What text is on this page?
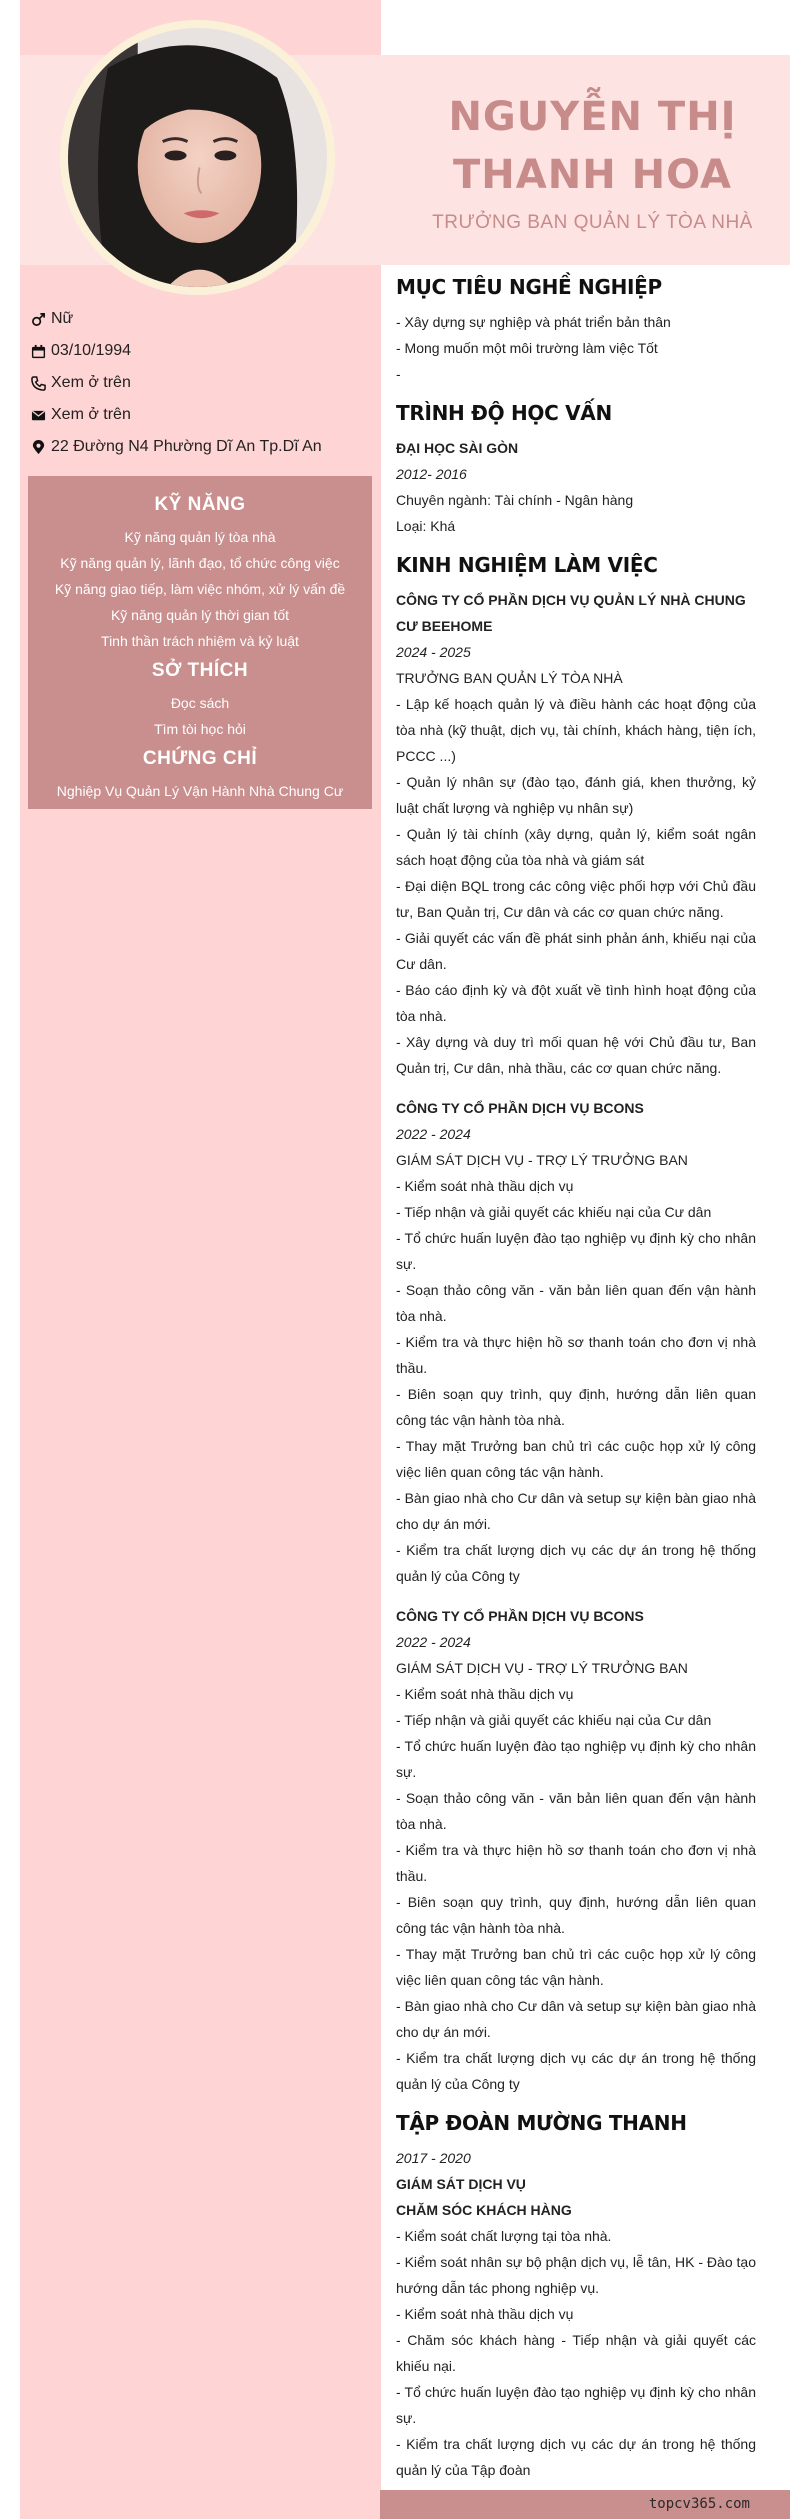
NGUYỄN THỊ
THANH HOA
TRƯỞNG BAN QUẢN LÝ TÒA NHÀ
Nữ
03/10/1994
Xem ở trên
Xem ở trên
22 Đường N4 Phường Dĩ An Tp.Dĩ An
KỸ NĂNG
Kỹ năng quản lý tòa nhà
Kỹ năng quản lý, lãnh đạo, tổ chức công việc
Kỹ năng giao tiếp, làm việc nhóm, xử lý vấn đề
Kỹ năng quản lý thời gian tốt
Tinh thần trách nhiệm và kỷ luật
SỞ THÍCH
Đọc sách
Tìm tòi học hỏi
CHỨNG CHỈ
Nghiệp Vụ Quản Lý Vận Hành Nhà Chung Cư
MỤC TIÊU NGHỀ NGHIỆP
- Xây dựng sự nghiệp và phát triển bản thân
- Mong muốn một môi trường làm việc Tốt
-
TRÌNH ĐỘ HỌC VẤN
ĐẠI HỌC SÀI GÒN
2012- 2016
Chuyên ngành: Tài chính - Ngân hàng
Loại: Khá
KINH NGHIỆM LÀM VIỆC
CÔNG TY CỔ PHẦN DỊCH VỤ QUẢN LÝ NHÀ CHUNG CƯ BEEHOME
2024 - 2025
TRƯỞNG BAN QUẢN LÝ TÒA NHÀ
- Lập kế hoạch quản lý và điều hành các hoạt động của tòa nhà (kỹ thuật, dịch vụ, tài chính, khách hàng, tiện ích, PCCC ...)
- Quản lý nhân sự (đào tạo, đánh giá, khen thưởng, kỷ luật chất lượng và nghiệp vụ nhân sự)
- Quản lý tài chính (xây dựng, quản lý, kiểm soát ngân sách hoạt động của tòa nhà và giám sát
- Đại diện BQL trong các công việc phối hợp với Chủ đầu tư, Ban Quản trị, Cư dân và các cơ quan chức năng.
- Giải quyết các vấn đề phát sinh phản ánh, khiếu nại của Cư dân.
- Báo cáo định kỳ và đột xuất về tình hình hoạt động của tòa nhà.
- Xây dựng và duy trì mối quan hệ với Chủ đầu tư, Ban Quản trị, Cư dân, nhà thầu, các cơ quan chức năng.
CÔNG TY CỔ PHẦN DỊCH VỤ BCONS
2022 - 2024
GIÁM SÁT DỊCH VỤ - TRỢ LÝ TRƯỞNG BAN
- Kiểm soát nhà thầu dịch vụ
- Tiếp nhận và giải quyết các khiếu nại của Cư dân
- Tổ chức huấn luyện đào tạo nghiệp vụ định kỳ cho nhân sự.
- Soạn thảo công văn - văn bản liên quan đến vận hành tòa nhà.
- Kiểm tra và thực hiện hồ sơ thanh toán cho đơn vị nhà thầu.
- Biên soạn quy trình, quy định, hướng dẫn liên quan công tác vận hành tòa nhà.
- Thay mặt Trưởng ban chủ trì các cuộc họp xử lý công việc liên quan công tác vận hành.
- Bàn giao nhà cho Cư dân và setup sự kiện bàn giao nhà cho dự án mới.
- Kiểm tra chất lượng dịch vụ các dự án trong hệ thống quản lý của Công ty
CÔNG TY CỔ PHẦN DỊCH VỤ BCONS
2022 - 2024
GIÁM SÁT DỊCH VỤ - TRỢ LÝ TRƯỞNG BAN
- Kiểm soát nhà thầu dịch vụ
- Tiếp nhận và giải quyết các khiếu nại của Cư dân
- Tổ chức huấn luyện đào tạo nghiệp vụ định kỳ cho nhân sự.
- Soạn thảo công văn - văn bản liên quan đến vận hành tòa nhà.
- Kiểm tra và thực hiện hồ sơ thanh toán cho đơn vị nhà thầu.
- Biên soạn quy trình, quy định, hướng dẫn liên quan công tác vận hành tòa nhà.
- Thay mặt Trưởng ban chủ trì các cuộc họp xử lý công việc liên quan công tác vận hành.
- Bàn giao nhà cho Cư dân và setup sự kiện bàn giao nhà cho dự án mới.
- Kiểm tra chất lượng dịch vụ các dự án trong hệ thống quản lý của Công ty
TẬP ĐOÀN MƯỜNG THANH
2017 - 2020
GIÁM SÁT DỊCH VỤ
CHĂM SÓC KHÁCH HÀNG
- Kiểm soát chất lượng tại tòa nhà.
- Kiểm soát nhân sự bộ phận dịch vụ, lễ tân, HK - Đào tạo hướng dẫn tác phong nghiệp vụ.
- Kiểm soát nhà thầu dịch vụ
- Chăm sóc khách hàng - Tiếp nhận và giải quyết các khiếu nại.
- Tổ chức huấn luyện đào tạo nghiệp vụ định kỳ cho nhân sự.
- Kiểm tra chất lượng dịch vụ các dự án trong hệ thống quản lý của Tập đoàn
topcv365.com
